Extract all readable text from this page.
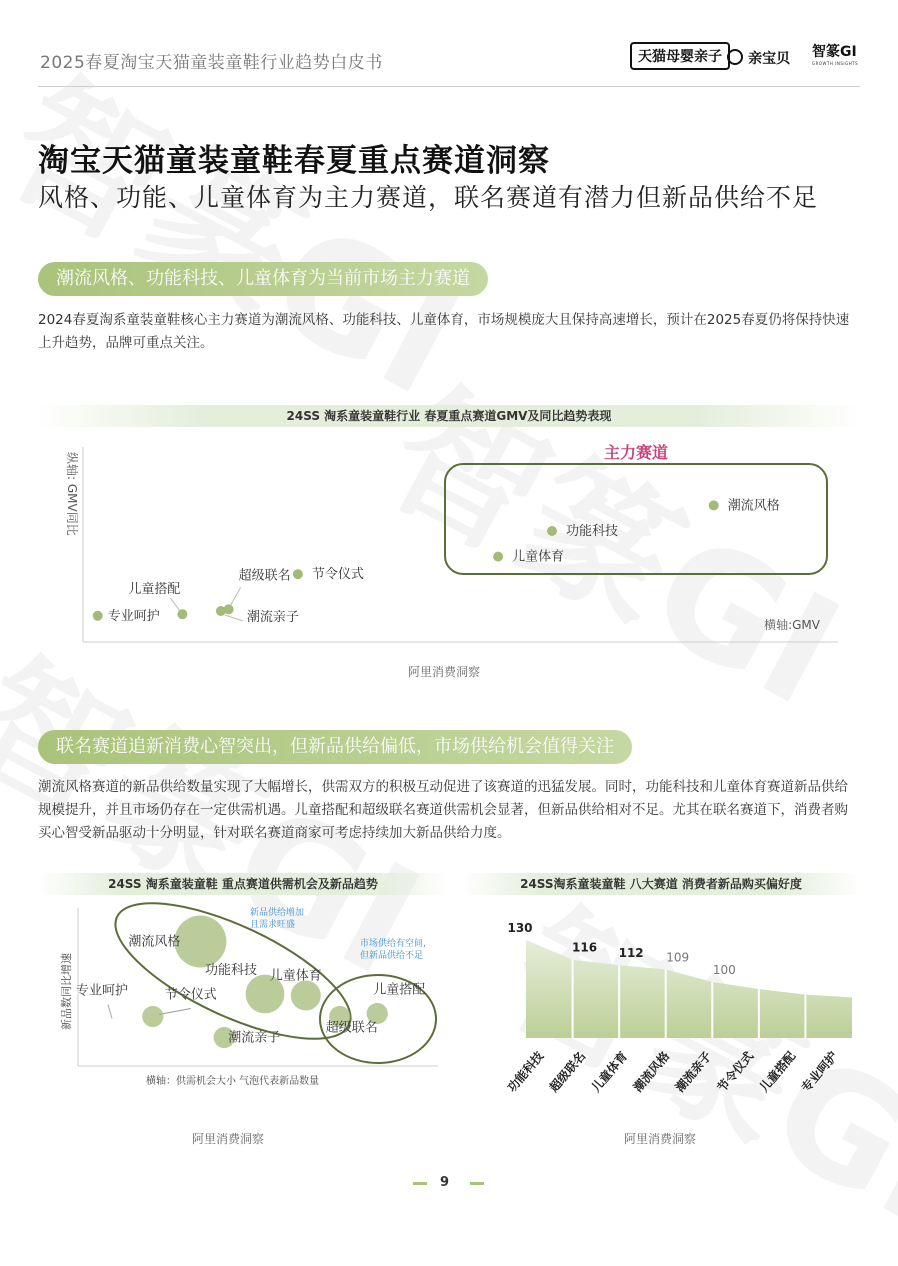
2025春夏淘宝天猫童装童鞋行业趋势白皮书	天猫母婴亲子	亲宝贝 智篆GI
GROWTH INSIGHTS
淘宝天猫童装童鞋春夏重点赛道洞察
风格、功能、儿童体育为主力赛道，联名赛道有潜力但新品供给不足
潮流风格、功能科技、儿童体育为当前市场主力赛道
2024春夏淘系童装童鞋核心主力赛道为潮流风格、功能科技、儿童体育，市场规模庞大且保持高速增长，预计在2025春夏仍将保持快速上升趋势，品牌可重点关注。
24SS 淘系童装童鞋行业 春夏重点赛道GMV及同比趋势表现
纵轴: GMV同比
横轴:GMV
主力赛道
潮流风格
功能科技
儿童体育
节令仪式
超级联名
儿童搭配
潮流亲子
专业呵护
阿里消费洞察
联名赛道追新消费心智突出，但新品供给偏低，市场供给机会值得关注
潮流风格赛道的新品供给数量实现了大幅增长，供需双方的积极互动促进了该赛道的迅猛发展。同时，功能科技和儿童体育赛道新品供给规模提升，并且市场仍存在一定供需机遇。儿童搭配和超级联名赛道供需机会显著，但新品供给相对不足。尤其在联名赛道下，消费者购买心智受新品驱动十分明显，针对联名赛道商家可考虑持续加大新品供给力度。
24SS 淘系童装童鞋 重点赛道供需机会及新品趋势
新品数同比增速
横轴：供需机会大小 气泡代表新品数量
新品供给增加且需求旺盛
市场供给有空间，但新品供给不足
潮流风格
功能科技 儿童体育
节令仪式
专业呵护
潮流亲子
儿童搭配
超级联名
阿里消费洞察
24SS淘系童装童鞋 八大赛道 消费者新品购买偏好度
130
116 112 109
100
功能科技 超级联名 儿童体育 潮流风格 潮流亲子 节令仪式 儿童搭配 专业呵护
阿里消费洞察
9
